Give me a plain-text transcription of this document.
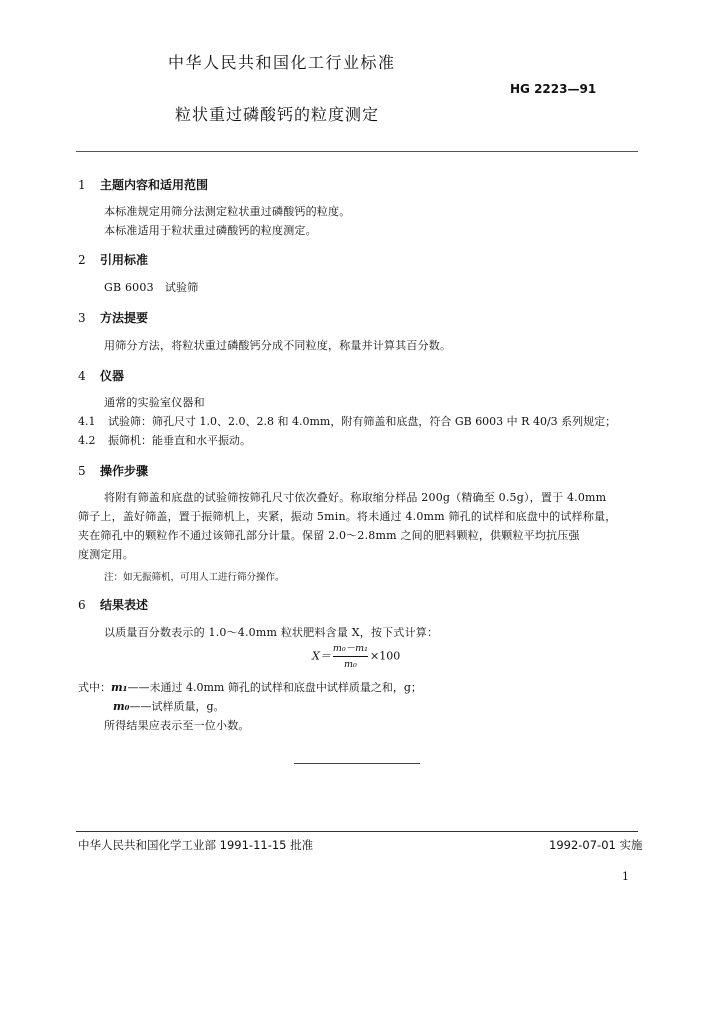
中华人民共和国化工行业标准
HG 2223—91
粒状重过磷酸钙的粒度测定
1 主题内容和适用范围
本标准规定用筛分法测定粒状重过磷酸钙的粒度。
本标准适用于粒状重过磷酸钙的粒度测定。
2 引用标准
GB 6003 试验筛
3 方法提要
用筛分方法，将粒状重过磷酸钙分成不同粒度，称量并计算其百分数。
4 仪器
通常的实验室仪器和
4.1 试验筛：筛孔尺寸 1.0、2.0、2.8 和 4.0mm，附有筛盖和底盘，符合 GB 6003 中 R 40/3 系列规定；
4.2 振筛机：能垂直和水平振动。
5 操作步骤
将附有筛盖和底盘的试验筛按筛孔尺寸依次叠好。称取缩分样品 200g（精确至 0.5g），置于 4.0mm
筛子上，盖好筛盖，置于振筛机上，夹紧，振动 5min。将未通过 4.0mm 筛孔的试样和底盘中的试样称量，
夹在筛孔中的颗粒作不通过该筛孔部分计量。保留 2.0～2.8mm 之间的肥料颗粒，供颗粒平均抗压强
度测定用。
注：如无振筛机，可用人工进行筛分操作。
6 结果表述
以质量百分数表示的 1.0～4.0mm 粒状肥料含量 X，按下式计算：
$X= \frac{\text{m₀－m₁}}{\text{m₀}} \times 100$
式中：m₁——未通过 4.0mm 筛孔的试样和底盘中试样质量之和，g；
m₀——试样质量，g。
所得结果应表示至一位小数。
中华人民共和国化学工业部 1991-11-15 批准	1992-07-01 实施
1
